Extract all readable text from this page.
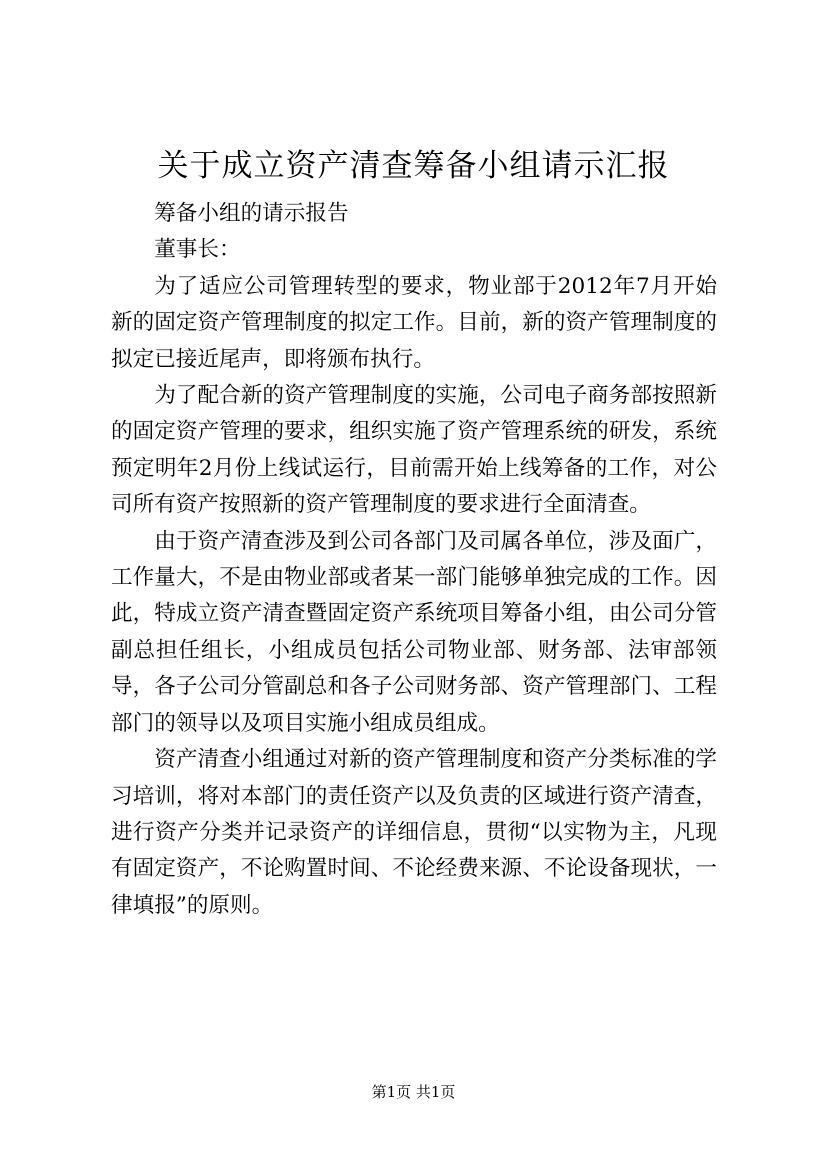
关于成立资产清查筹备小组请示汇报

筹备小组的请示报告

董事长：

为了适应公司管理转型的要求，物业部于2012年7月开始新的固定资产管理制度的拟定工作。目前，新的资产管理制度的拟定已接近尾声，即将颁布执行。

为了配合新的资产管理制度的实施，公司电子商务部按照新的固定资产管理的要求，组织实施了资产管理系统的研发，系统预定明年2月份上线试运行，目前需开始上线筹备的工作，对公司所有资产按照新的资产管理制度的要求进行全面清查。

由于资产清查涉及到公司各部门及司属各单位，涉及面广，工作量大，不是由物业部或者某一部门能够单独完成的工作。因此，特成立资产清查暨固定资产系统项目筹备小组，由公司分管副总担任组长，小组成员包括公司物业部、财务部、法审部领导，各子公司分管副总和各子公司财务部、资产管理部门、工程部门的领导以及项目实施小组成员组成。

资产清查小组通过对新的资产管理制度和资产分类标准的学习培训，将对本部门的责任资产以及负责的区域进行资产清查，进行资产分类并记录资产的详细信息，贯彻“以实物为主，凡现有固定资产，不论购置时间、不论经费来源、不论设备现状，一律填报”的原则。

第1页 共1页
